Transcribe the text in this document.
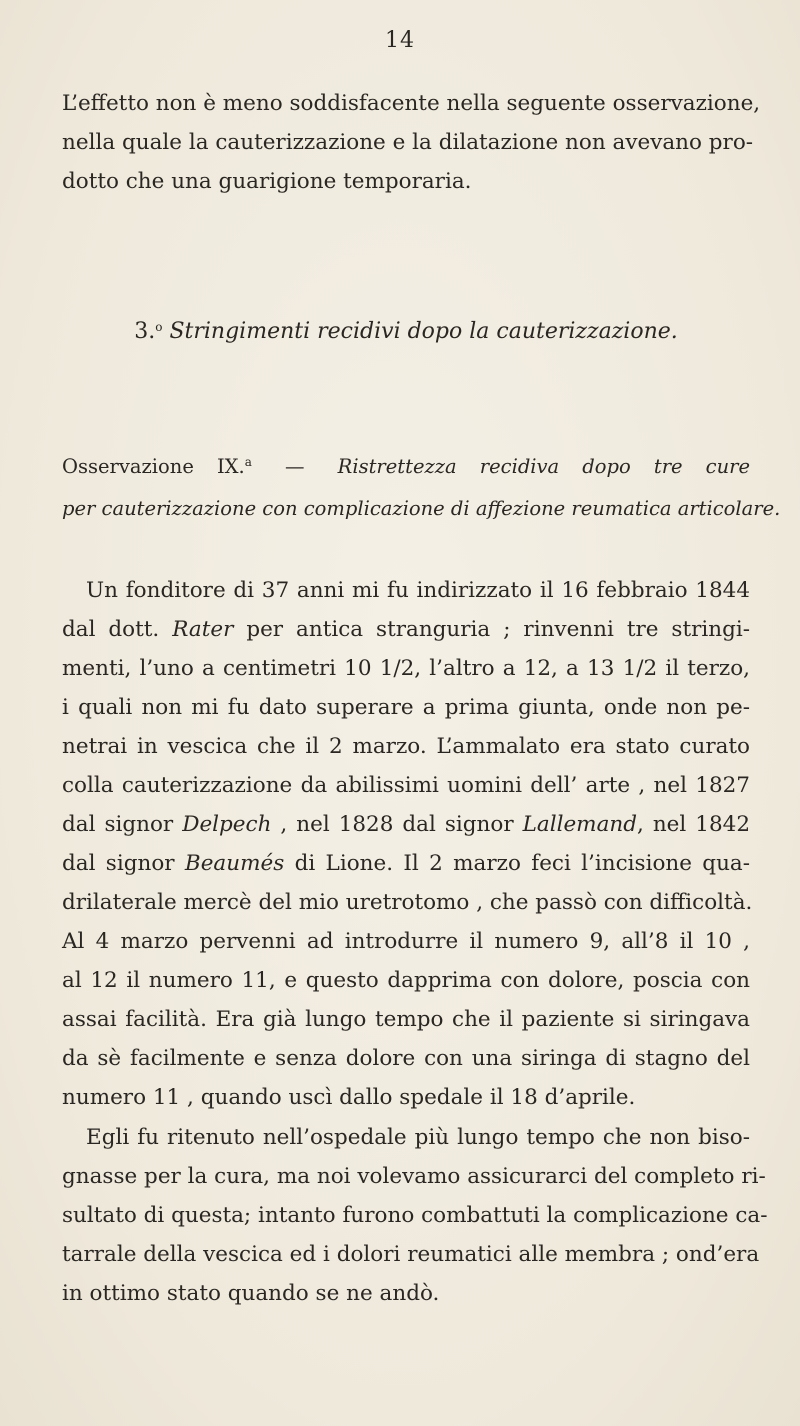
14
L’effetto non è meno soddisfacente nella seguente osservazione,
nella quale la cauterizzazione e la dilatazione non avevano pro-
dotto che una guarigione temporaria.
3.$^o$ Stringimenti recidivi dopo la cauterizzazione.
Osservazione IX.$^a$ — Ristrettezza recidiva dopo tre cure
per cauterizzazione con complicazione di affezione reumatica articolare.
Un fonditore di 37 anni mi fu indirizzato il 16 febbraio 1844
dal dott. Rater per antica stranguria ; rinvenni tre stringi-
menti, l’uno a centimetri 10 1/2, l’altro a 12, a 13 1/2 il terzo,
i quali non mi fu dato superare a prima giunta, onde non pe-
netrai in vescica che il 2 marzo. L’ammalato era stato curato
colla cauterizzazione da abilissimi uomini dell’ arte , nel 1827
dal signor Delpech , nel 1828 dal signor Lallemand, nel 1842
dal signor Beaumés di Lione. Il 2 marzo feci l’incisione qua-
drilaterale mercè del mio uretrotomo , che passò con difficoltà.
Al 4 marzo pervenni ad introdurre il numero 9, all’8 il 10 ,
al 12 il numero 11, e questo dapprima con dolore, poscia con
assai facilità. Era già lungo tempo che il paziente si siringava
da sè facilmente e senza dolore con una siringa di stagno del
numero 11 , quando uscì dallo spedale il 18 d’aprile.
Egli fu ritenuto nell’ospedale più lungo tempo che non biso-
gnasse per la cura, ma noi volevamo assicurarci del completo ri-
sultato di questa; intanto furono combattuti la complicazione ca-
tarrale della vescica ed i dolori reumatici alle membra ; ond’era
in ottimo stato quando se ne andò.
